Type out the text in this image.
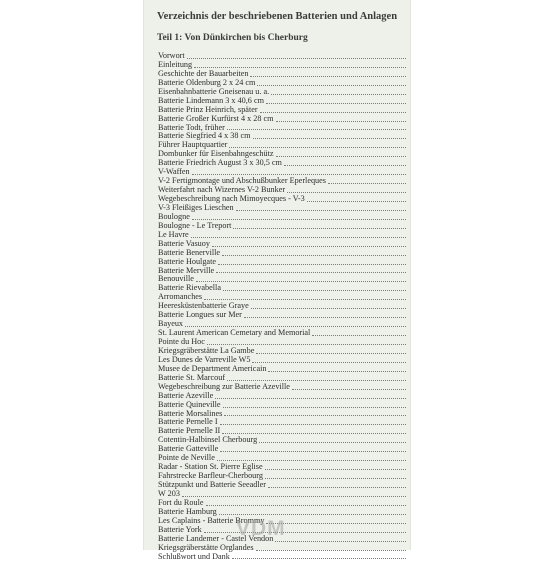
Verzeichnis der beschriebenen Batterien und Anlagen
Teil 1: Von Dünkirchen bis Cherburg
Vorwort
Einleitung
Geschichte der Bauarbeiten
Batterie Oldenburg 2 x 24 cm
Eisenbahnbatterie Gneisenau u. a.
Batterie Lindemann 3 x 40,6 cm
Batterie Prinz Heinrich, später
Batterie Großer Kurfürst 4 x 28 cm
Batterie Todt, früher
Batterie Siegfried 4 x 38 cm
Führer Hauptquartier
Dombunker für Eisenbahngeschütz
Batterie Friedrich August 3 x 30,5 cm
V-Waffen
V-2 Fertigmontage und Abschußbunker Eperleques
Weiterfahrt nach Wizernes V-2 Bunker
Wegebeschreibung nach Mimoyecques - V-3
V-3 Fleißiges Lieschen
Boulogne
Boulogne - Le Treport
Le Havre
Batterie Vasuoy
Batterie Benerville
Batterie Houlgate
Batterie Merville
Benouville
Batterie Rievabella
Arromanches
Heeresküstenbatterie Graye
Batterie Longues sur Mer
Bayeux
St. Laurent American Cemetary and Memorial
Pointe du Hoc
Kriegsgräberstätte La Gambe
Les Dunes de Varreville W5
Musee de Department Americain
Batterie St. Marcouf
Wegebeschreibung zur Batterie Azeville
Batterie Azeville
Batterie Quineville
Batterie Morsalines
Batterie Pernelle I
Batterie Pernelle II
Cotentin-Halbinsel Cherbourg
Batterie Gatteville
Pointe de Neville
Radar - Station St. Pierre Eglise
Fahrstrecke Barfleur-Cherbourg
Stützpunkt und Batterie Seeadler
W 203
Fort du Roule
Batterie Hamburg
Les Caplains - Batterie Brommy
Batterie York
Batterie Landemer - Castel Vendon
Kriegsgräberstätte Orglandes
Schlußwort und Dank
VDM
